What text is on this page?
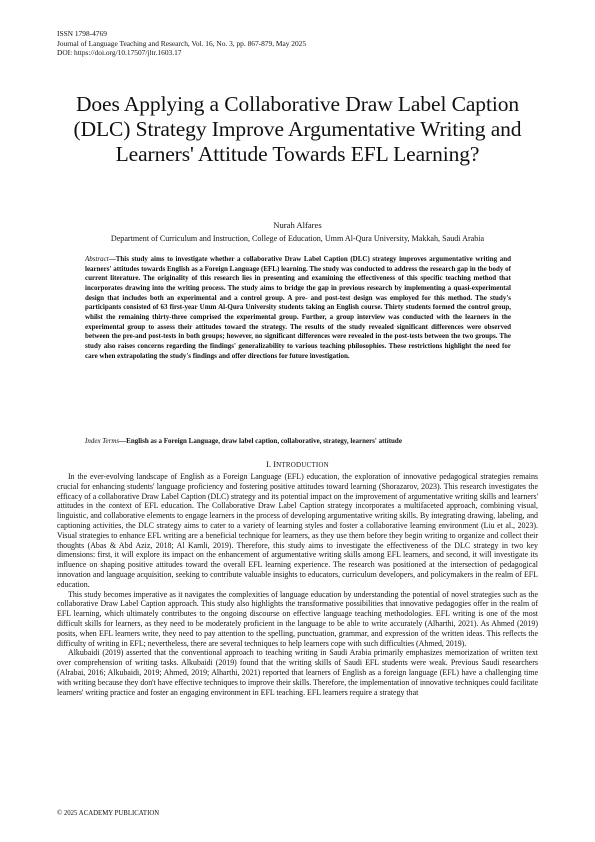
ISSN 1798-4769
Journal of Language Teaching and Research, Vol. 16, No. 3, pp. 867-879, May 2025
DOI: https://doi.org/10.17507/jltr.1603.17
Does Applying a Collaborative Draw Label Caption (DLC) Strategy Improve Argumentative Writing and Learners' Attitude Towards EFL Learning?
Nurah Alfares
Department of Curriculum and Instruction, College of Education, Umm Al-Qura University, Makkah, Saudi Arabia
Abstract—This study aims to investigate whether a collaborative Draw Label Caption (DLC) strategy improves argumentative writing and learners' attitudes towards English as a Foreign Language (EFL) learning. The study was conducted to address the research gap in the body of current literature. The originality of this research lies in presenting and examining the effectiveness of this specific teaching method that incorporates drawing into the writing process. The study aims to bridge the gap in previous research by implementing a quasi-experimental design that includes both an experimental and a control group. A pre- and post-test design was employed for this method. The study's participants consisted of 63 first-year Umm Al-Qura University students taking an English course. Thirty students formed the control group, whilst the remaining thirty-three comprised the experimental group. Further, a group interview was conducted with the learners in the experimental group to assess their attitudes toward the strategy. The results of the study revealed significant differences were observed between the pre-and post-tests in both groups; however, no significant differences were revealed in the post-tests between the two groups. The study also raises concerns regarding the findings' generalizability to various teaching philosophies. These restrictions highlight the need for care when extrapolating the study's findings and offer directions for future investigation.
Index Terms—English as a Foreign Language, draw label caption, collaborative, strategy, learners' attitude
I. INTRODUCTION

In the ever-evolving landscape of English as a Foreign Language (EFL) education, the exploration of innovative pedagogical strategies remains crucial for enhancing students' language proficiency and fostering positive attitudes toward learning (Shorazarov, 2023). This research investigates the efficacy of a collaborative Draw Label Caption (DLC) strategy and its potential impact on the improvement of argumentative writing skills and learners' attitudes in the context of EFL education. The Collaborative Draw Label Caption strategy incorporates a multifaceted approach, combining visual, linguistic, and collaborative elements to engage learners in the process of developing argumentative writing skills. By integrating drawing, labeling, and captioning activities, the DLC strategy aims to cater to a variety of learning styles and foster a collaborative learning environment (Liu et al., 2023). Visual strategies to enhance EFL writing are a beneficial technique for learners, as they use them before they begin writing to organize and collect their thoughts (Abas & Abd Aziz, 2018; Al Kamli, 2019). Therefore, this study aims to investigate the effectiveness of the DLC strategy in two key dimensions: first, it will explore its impact on the enhancement of argumentative writing skills among EFL learners, and second, it will investigate its influence on shaping positive attitudes toward the overall EFL learning experience. The research was positioned at the intersection of pedagogical innovation and language acquisition, seeking to contribute valuable insights to educators, curriculum developers, and policymakers in the realm of EFL education.

This study becomes imperative as it navigates the complexities of language education by understanding the potential of novel strategies such as the collaborative Draw Label Caption approach. This study also highlights the transformative possibilities that innovative pedagogies offer in the realm of EFL learning, which ultimately contributes to the ongoing discourse on effective language teaching methodologies. EFL writing is one of the most difficult skills for learners, as they need to be moderately proficient in the language to be able to write accurately (Alharthi, 2021). As Ahmed (2019) posits, when EFL learners write, they need to pay attention to the spelling, punctuation, grammar, and expression of the written ideas. This reflects the difficulty of writing in EFL; nevertheless, there are several techniques to help learners cope with such difficulties (Ahmed, 2019).

Alkubaidi (2019) asserted that the conventional approach to teaching writing in Saudi Arabia primarily emphasizes memorization of written text over comprehension of writing tasks. Alkubaidi (2019) found that the writing skills of Saudi EFL students were weak. Previous Saudi researchers (Alrabai, 2016; Alkubaidi, 2019; Ahmed, 2019; Alharthi, 2021) reported that learners of English as a foreign language (EFL) have a challenging time with writing because they don't have effective techniques to improve their skills. Therefore, the implementation of innovative techniques could facilitate learners' writing practice and foster an engaging environment in EFL teaching. EFL learners require a strategy that

© 2025 ACADEMY PUBLICATION
